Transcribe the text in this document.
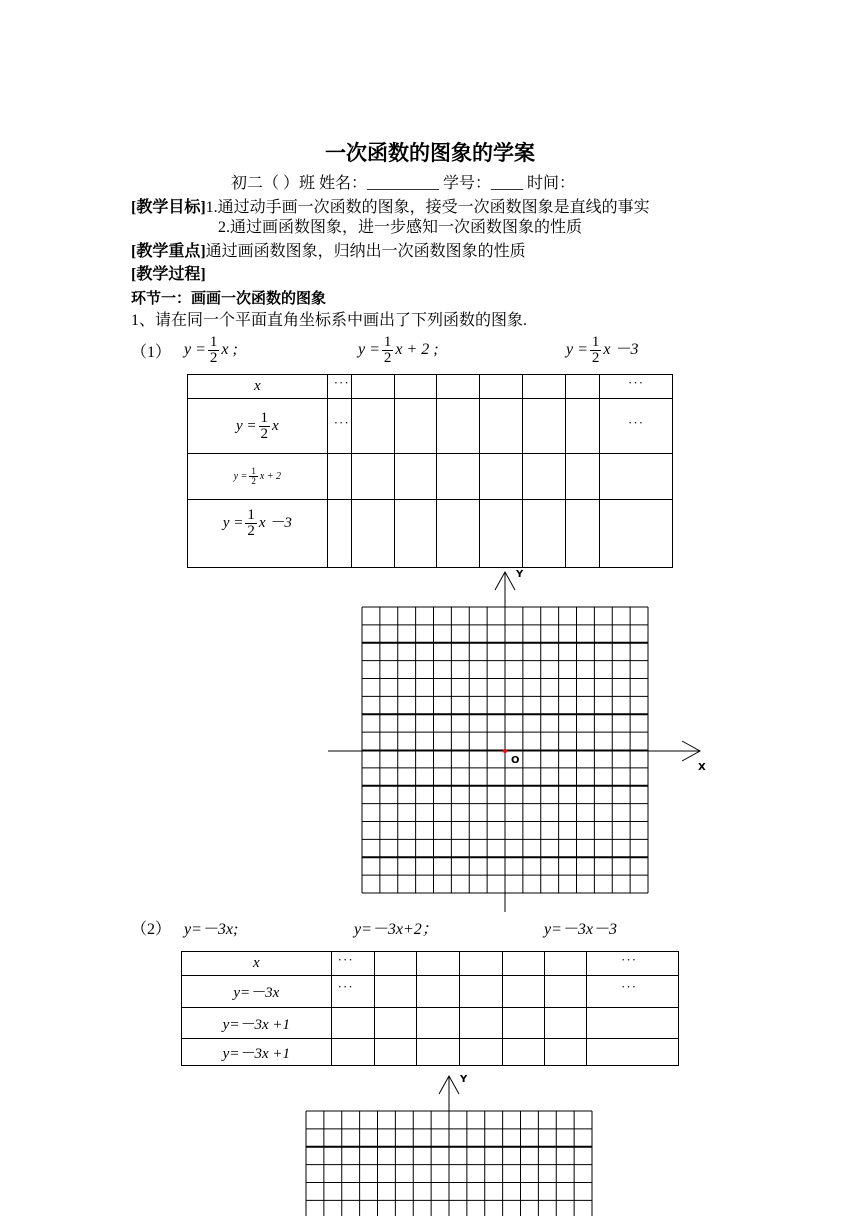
一次函数的图象的学案
初二（ ）班 姓名：_________ 学号：____ 时间：
[教学目标]1.通过动手画一次函数的图象，接受一次函数图象是直线的事实
2.通过画函数图象，进一步感知一次函数图象的性质
[教学重点]通过画函数图象，归纳出一次函数图象的性质
[教学过程]
环节一：画画一次函数的图象
1、请在同一个平面直角坐标系中画出了下列函数的图象.
（1） $y = \frac{1}{2}$ x ;	$y = \frac{1}{2}$ x + 2 ;	$y = \frac{1}{2}$ x －3
x	···							···
$y = \frac{1}{2}$ x	···							···
$y = \frac{1}{2}$ x + 2								
$y = \frac{1}{2}$ x －3								
Y
X
O
（2） y=－3x;	y=－3x+2；	y=－3x－3
x	···						···
y=－3x	···						···
y=－3x +1							
y=－3x +1							
Y
